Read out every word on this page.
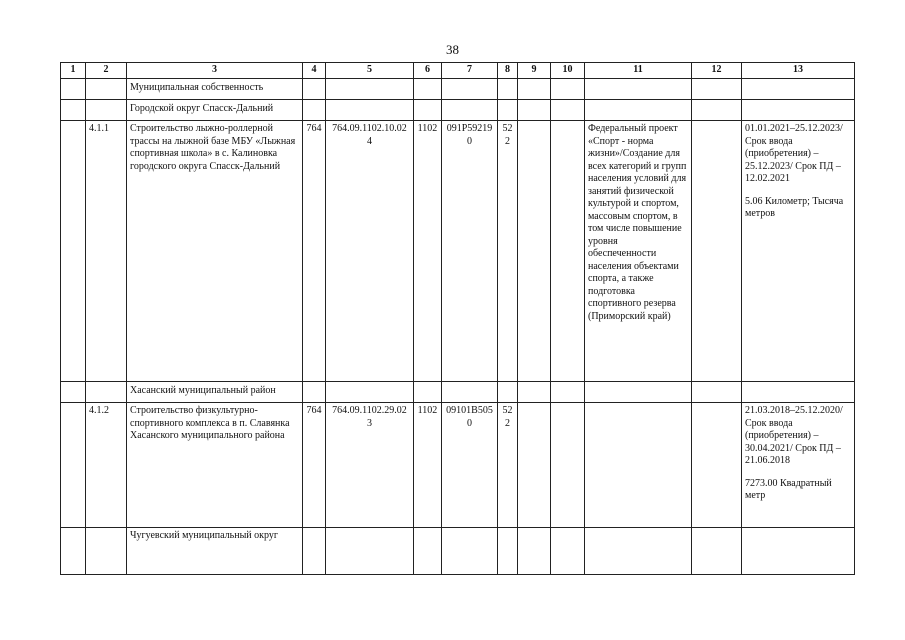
38
1	2	3	4	5	6	7	8	9	10	11	12	13
		Муниципальная собственность										
		Городской округ Спасск-Дальний										
	4.1.1	Строительство лыжно-роллерной трассы на лыжной базе МБУ «Лыжная спортивная школа» в с. Калиновка городского округа Спасск-Дальний	764	764.09.1102.10.02 4	1102	091P59219 0	52 2			Федеральный проект «Спорт - норма жизни»/Создание для всех категорий и групп населения условий для занятий физической культурой и спортом, массовым спортом, в том числе повышение уровня обеспеченности населения объектами спорта, а также подготовка спортивного резерва (Приморский край)		01.01.2021–25.12.2023/ Срок ввода (приобретения) – 25.12.2023/ Срок ПД – 12.02.2021
5.06 Километр; Тысяча метров

		Хасанский муниципальный район										
	4.1.2	Строительство физкультурно-спортивного комплекса в п. Славянка Хасанского муниципального района	764	764.09.1102.29.02 3	1102	09101B505 0	52 2					21.03.2018–25.12.2020/ Срок ввода (приобретения) – 30.04.2021/ Срок ПД – 21.06.2018
7273.00 Квадратный метр

		Чугуевский муниципальный округ										
